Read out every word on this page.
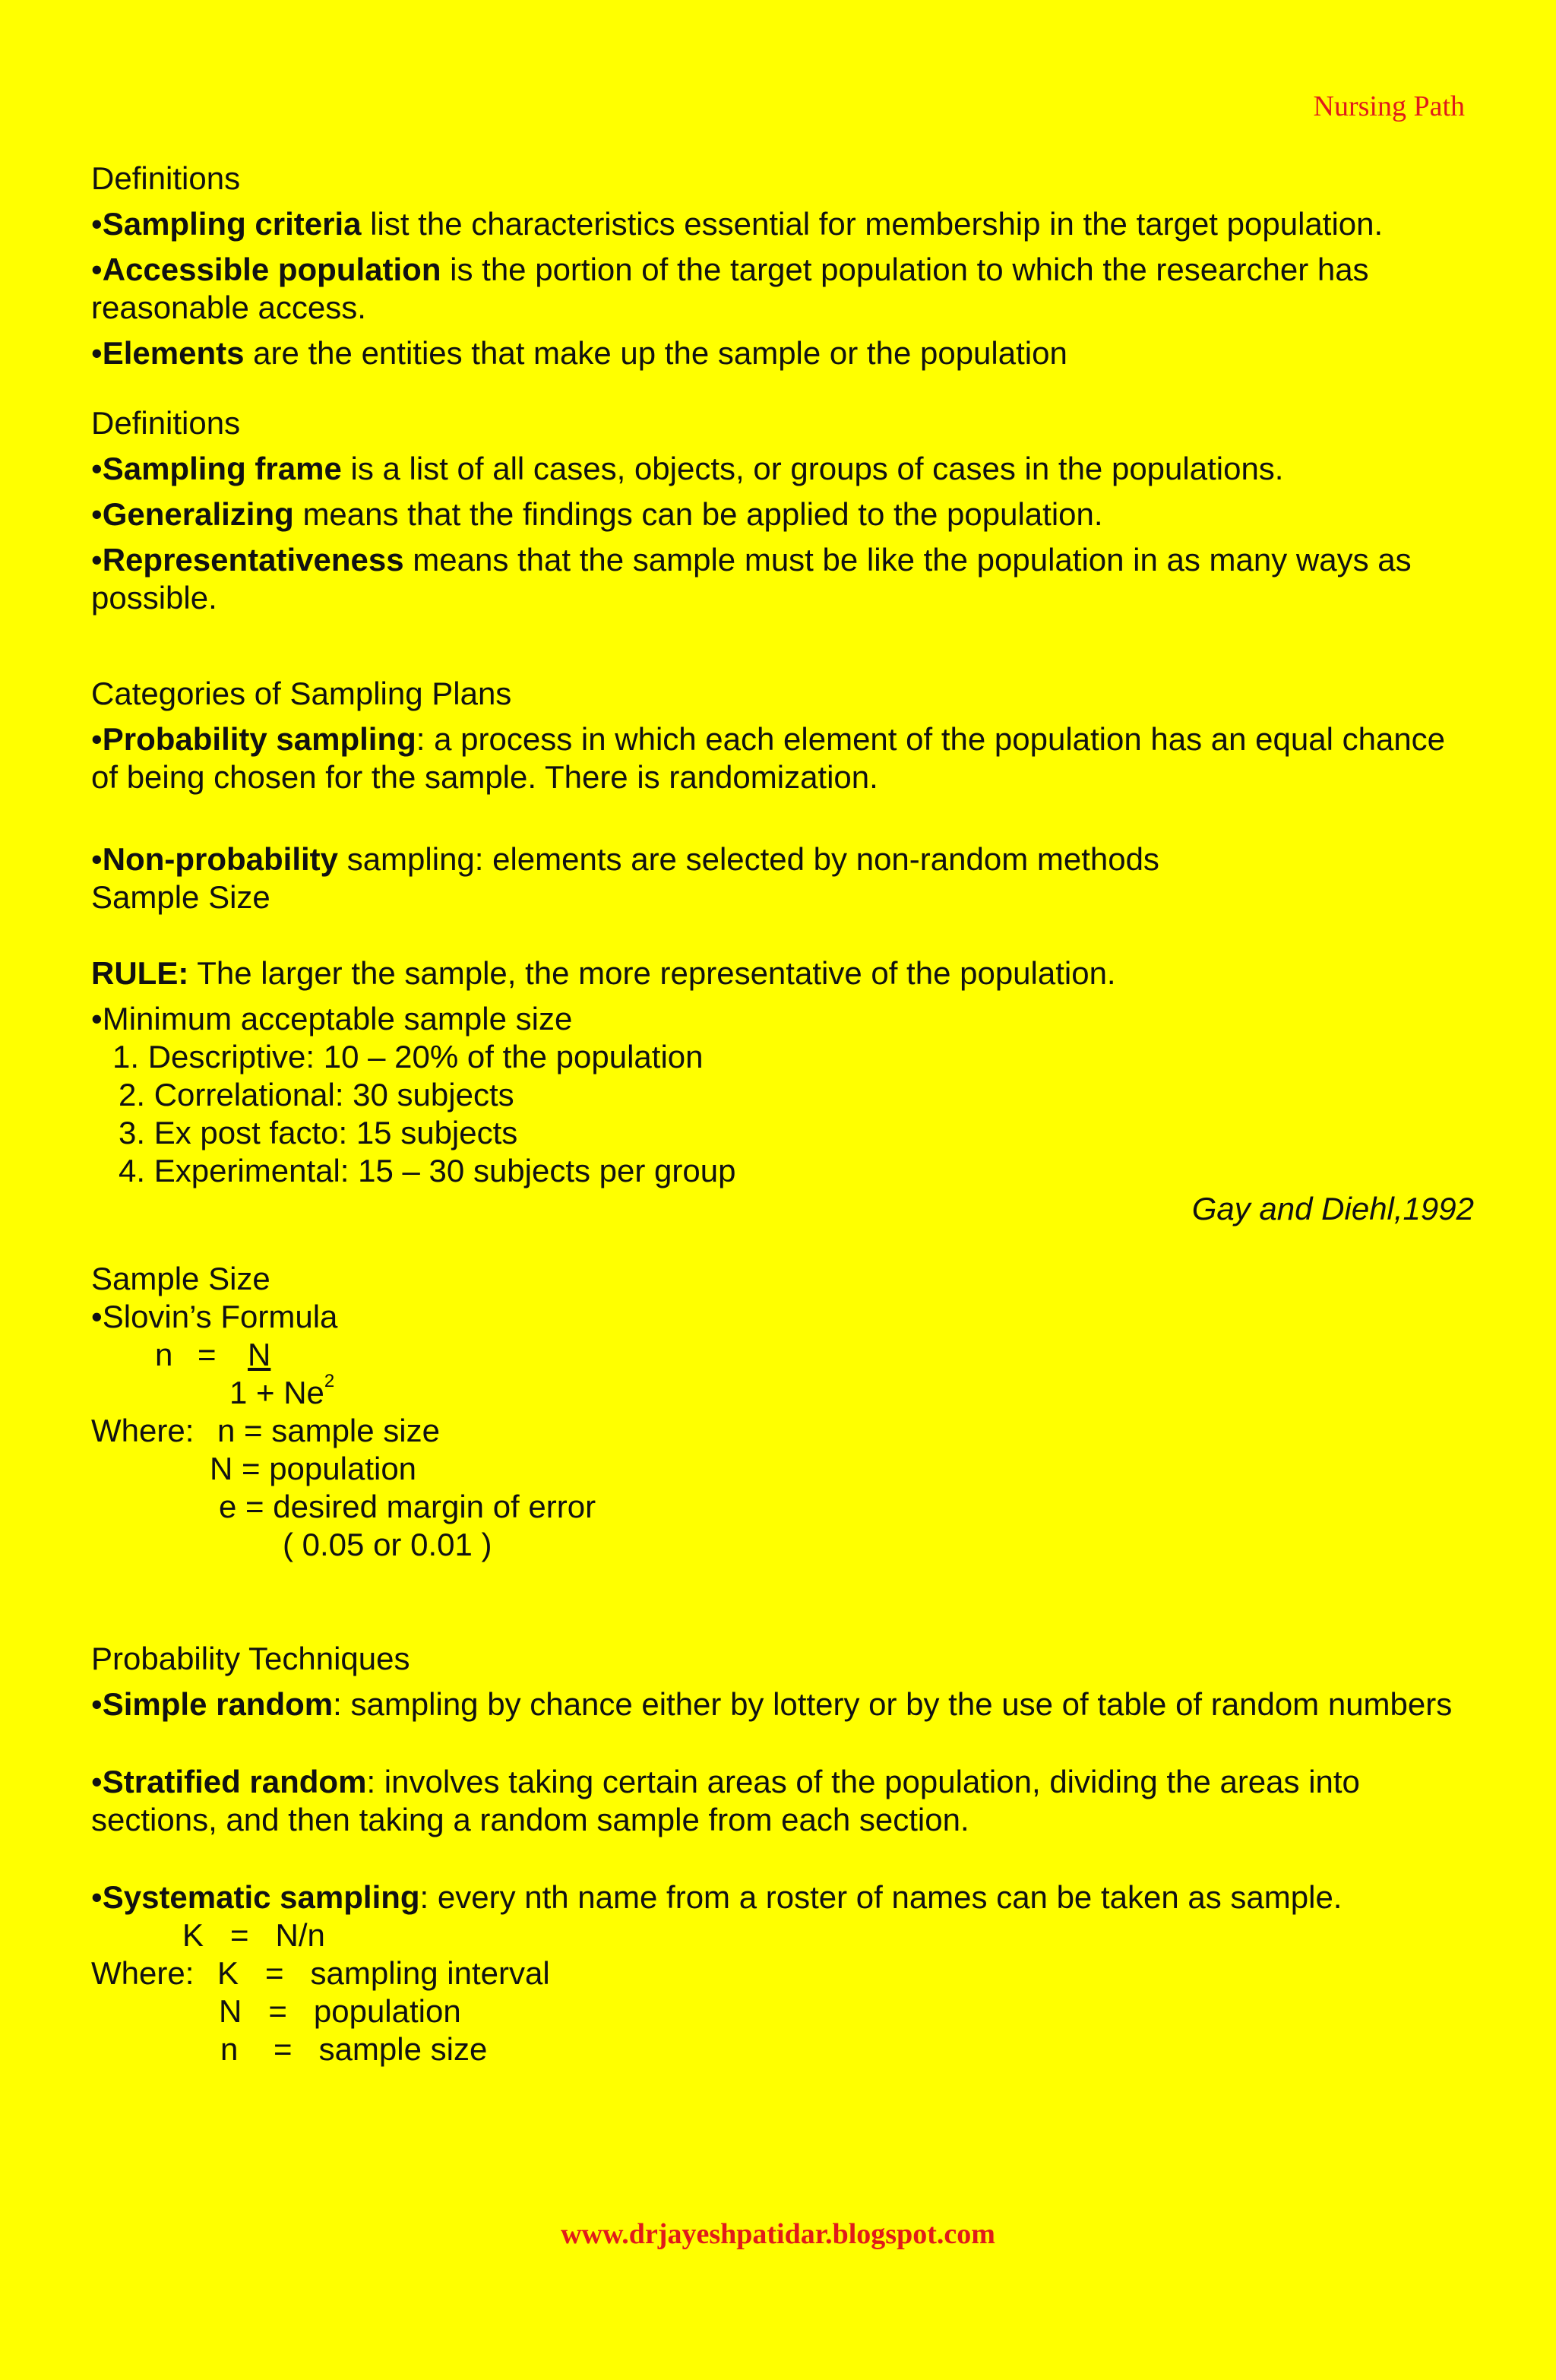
Nursing Path

Definitions

•Sampling criteria list the characteristics essential for membership in the target population.

•Accessible population is the portion of the target population to which the researcher has reasonable access.

•Elements are the entities that make up the sample or the population

Definitions

•Sampling frame is a list of all cases, objects, or groups of cases in the populations.

•Generalizing means that the findings can be applied to the population.

•Representativeness means that the sample must be like the population in as many ways as possible.

Categories of Sampling Plans

•Probability sampling: a process in which each element of the population has an equal chance of being chosen for the sample. There is randomization.

•Non-probability sampling: elements are selected by non-random methods

Sample Size

RULE: The larger the sample, the more representative of the population.

•Minimum acceptable sample size

1. Descriptive: 10 – 20% of the population

2. Correlational: 30 subjects

3. Ex post facto: 15 subjects

4. Experimental: 15 – 30 subjects per group

Gay and Diehl,1992

Sample Size

•Slovin’s Formula

n = N
$1 + Ne^2$
Where: n = sample size
N = population
e = desired margin of error
( 0.05 or 0.01 )

Probability Techniques

•Simple random: sampling by chance either by lottery or by the use of table of random numbers

•Stratified random: involves taking certain areas of the population, dividing the areas into sections, and then taking a random sample from each section.

•Systematic sampling: every nth name from a roster of names can be taken as sample.

K   =   N/n
Where: K   =   sampling interval
N   =   population
n    =   sample size
www.drjayeshpatidar.blogspot.com
